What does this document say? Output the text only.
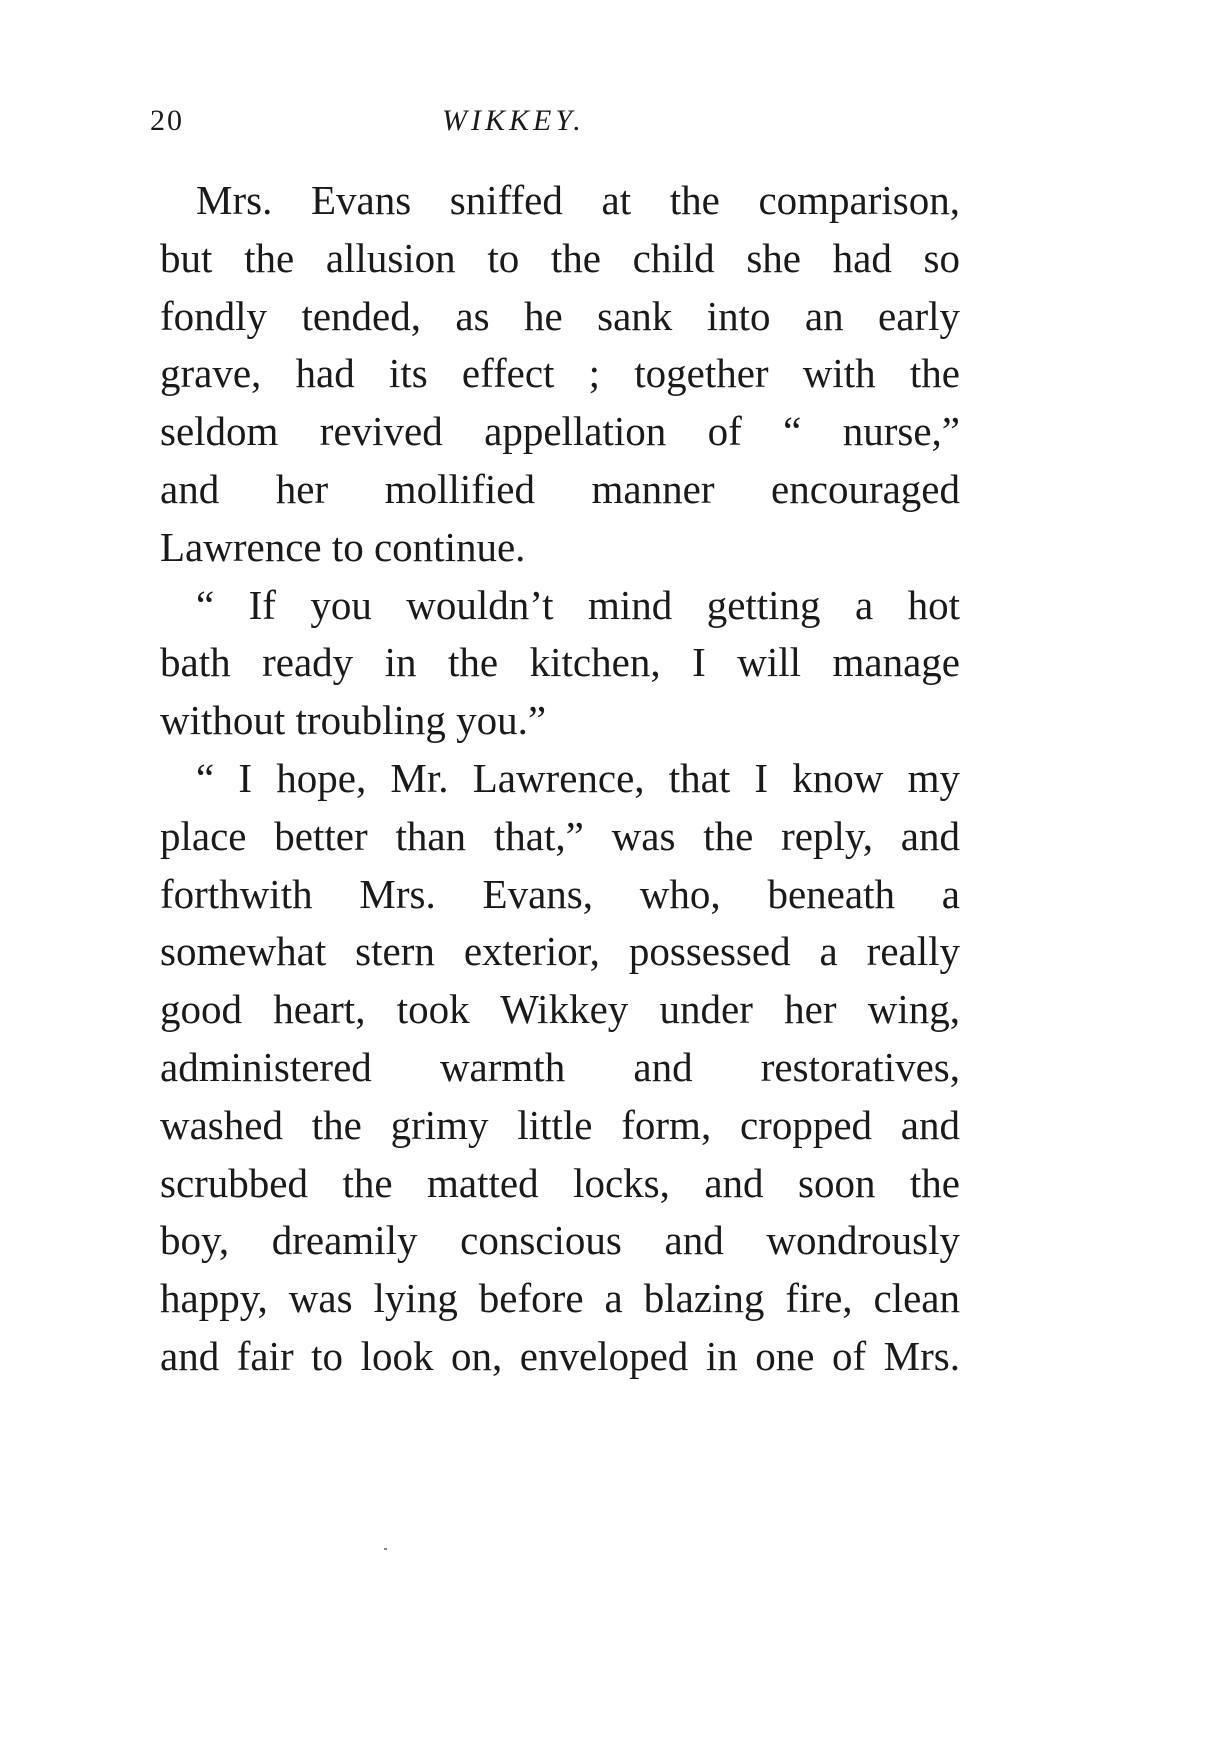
20	WIKKEY.
Mrs. Evans sniffed at the comparison,
but the allusion to the child she had so
fondly tended, as he sank into an early
grave, had its effect ; together with the
seldom revived appellation of “ nurse,”
and her mollified manner encouraged
Lawrence to continue.
“ If you wouldn’t mind getting a hot
bath ready in the kitchen, I will manage
without troubling you.”
“ I hope, Mr. Lawrence, that I know my
place better than that,” was the reply, and
forthwith Mrs. Evans, who, beneath a
somewhat stern exterior, possessed a really
good heart, took Wikkey under her wing,
administered warmth and restoratives,
washed the grimy little form, cropped and
scrubbed the matted locks, and soon the
boy, dreamily conscious and wondrously
happy, was lying before a blazing fire, clean
and fair to look on, enveloped in one of Mrs.
